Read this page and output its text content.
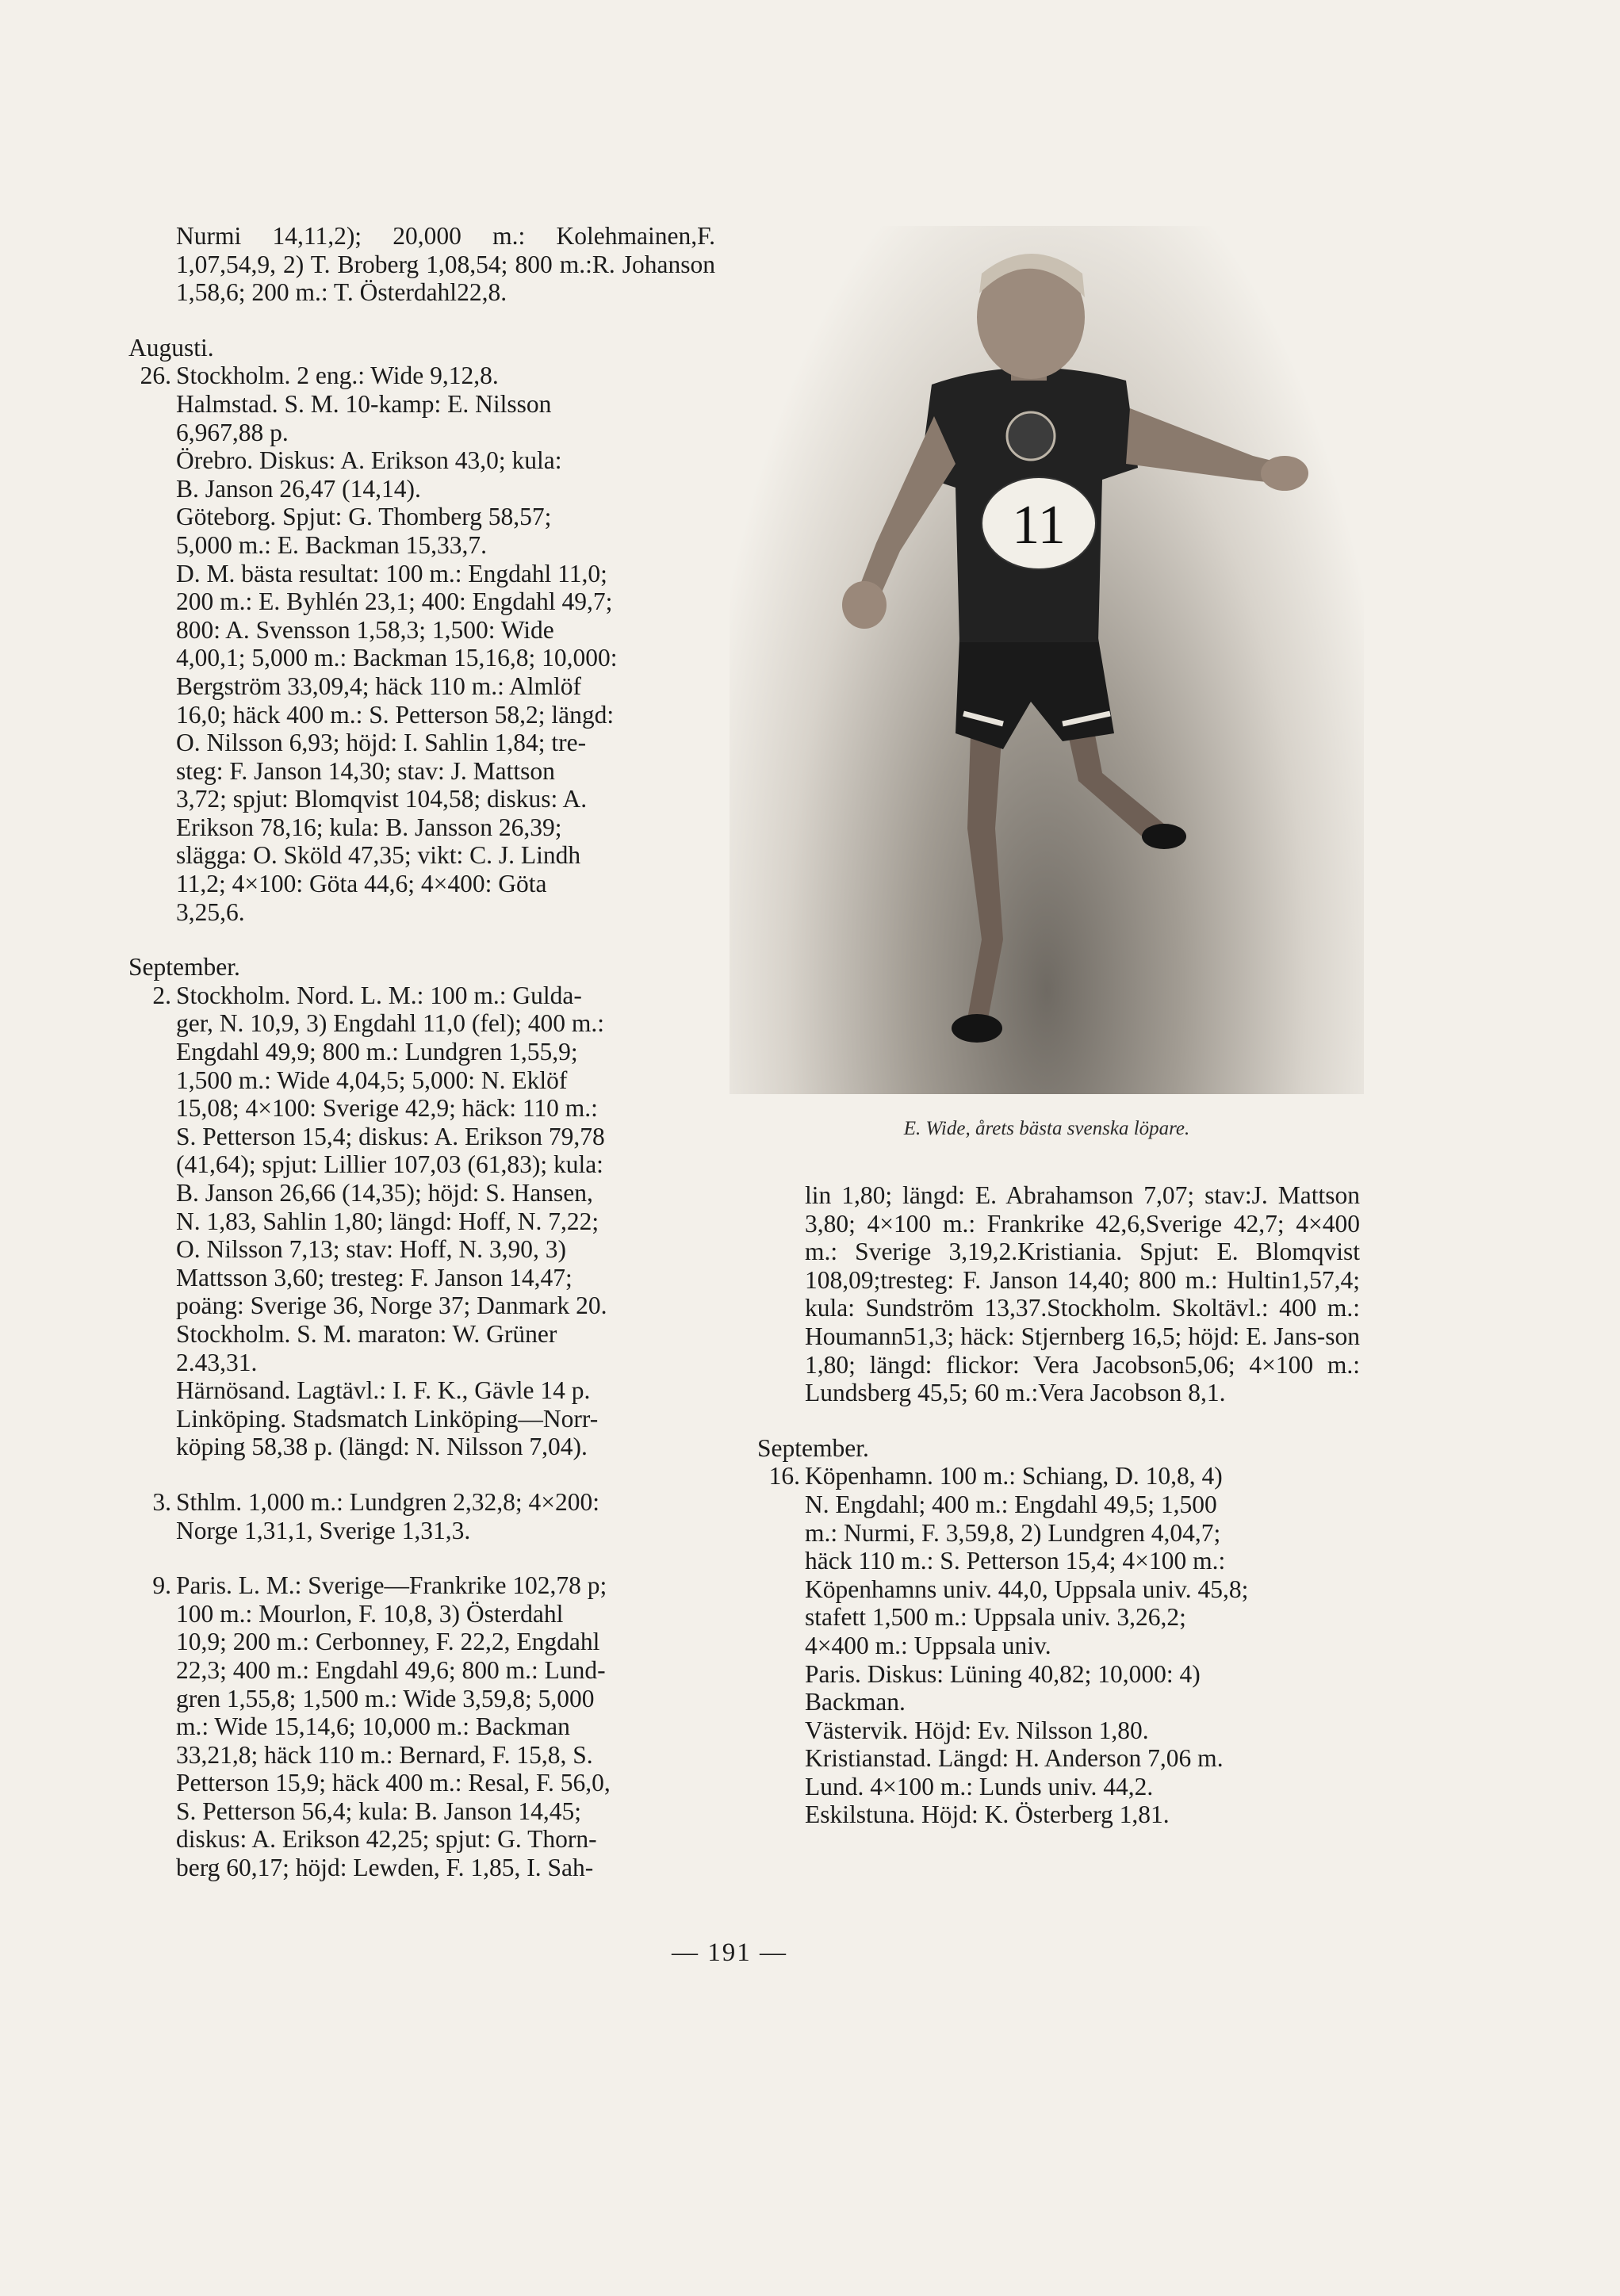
Nurmi 14,11,2); 20,000 m.: Kolehmainen,F. 1,07,54,9, 2) T. Broberg 1,08,54; 800 m.:R. Johanson 1,58,6; 200 m.: T. Österdahl22,8.
Augusti.
26. Stockholm. 2 eng.: Wide 9,12,8.
Halmstad. S. M. 10-kamp: E. Nilsson
6,967,88 p.
Örebro. Diskus: A. Erikson 43,0; kula:
B. Janson 26,47 (14,14).
Göteborg. Spjut: G. Thomberg 58,57;
5,000 m.: E. Backman 15,33,7.
D. M. bästa resultat: 100 m.: Engdahl 11,0;
200 m.: E. Byhlén 23,1; 400: Engdahl 49,7;
800: A. Svensson 1,58,3; 1,500: Wide
4,00,1; 5,000 m.: Backman 15,16,8; 10,000:
Bergström 33,09,4; häck 110 m.: Almlöf
16,0; häck 400 m.: S. Petterson 58,2; längd:
O. Nilsson 6,93; höjd: I. Sahlin 1,84; tre-
steg: F. Janson 14,30; stav: J. Mattson
3,72; spjut: Blomqvist 104,58; diskus: A.
Erikson 78,16; kula: B. Jansson 26,39;
slägga: O. Sköld 47,35; vikt: C. J. Lindh
11,2; 4×100: Göta 44,6; 4×400: Göta
3,25,6.
September.
2. Stockholm. Nord. L. M.: 100 m.: Gulda-
ger, N. 10,9, 3) Engdahl 11,0 (fel); 400 m.:
Engdahl 49,9; 800 m.: Lundgren 1,55,9;
1,500 m.: Wide 4,04,5; 5,000: N. Eklöf
15,08; 4×100: Sverige 42,9; häck: 110 m.:
S. Petterson 15,4; diskus: A. Erikson 79,78
(41,64); spjut: Lillier 107,03 (61,83); kula:
B. Janson 26,66 (14,35); höjd: S. Hansen,
N. 1,83, Sahlin 1,80; längd: Hoff, N. 7,22;
O. Nilsson 7,13; stav: Hoff, N. 3,90, 3)
Mattsson 3,60; tresteg: F. Janson 14,47;
poäng: Sverige 36, Norge 37; Danmark 20.
Stockholm. S. M. maraton: W. Grüner
2.43,31.
Härnösand. Lagtävl.: I. F. K., Gävle 14 p.
Linköping. Stadsmatch Linköping—Norr-
köping 58,38 p. (längd: N. Nilsson 7,04).
3. Sthlm. 1,000 m.: Lundgren 2,32,8; 4×200:
Norge 1,31,1, Sverige 1,31,3.
9. Paris. L. M.: Sverige—Frankrike 102,78 p;
100 m.: Mourlon, F. 10,8, 3) Österdahl
10,9; 200 m.: Cerbonney, F. 22,2, Engdahl
22,3; 400 m.: Engdahl 49,6; 800 m.: Lund-
gren 1,55,8; 1,500 m.: Wide 3,59,8; 5,000
m.: Wide 15,14,6; 10,000 m.: Backman
33,21,8; häck 110 m.: Bernard, F. 15,8, S.
Petterson 15,9; häck 400 m.: Resal, F. 56,0,
S. Petterson 56,4; kula: B. Janson 14,45;
diskus: A. Erikson 42,25; spjut: G. Thorn-
berg 60,17; höjd: Lewden, F. 1,85, I. Sah-
11
E. Wide, årets bästa svenska löpare.
lin 1,80; längd: E. Abrahamson 7,07; stav:J. Mattson 3,80; 4×100 m.: Frankrike 42,6,Sverige 42,7; 4×400 m.: Sverige 3,19,2.Kristiania. Spjut: E. Blomqvist 108,09;tresteg: F. Janson 14,40; 800 m.: Hultin1,57,4; kula: Sundström 13,37.Stockholm. Skoltävl.: 400 m.: Houmann51,3; häck: Stjernberg 16,5; höjd: E. Jans-son 1,80; längd: flickor: Vera Jacobson5,06; 4×100 m.: Lundsberg 45,5; 60 m.:Vera Jacobson 8,1.
September.
16. Köpenhamn. 100 m.: Schiang, D. 10,8, 4)
N. Engdahl; 400 m.: Engdahl 49,5; 1,500
m.: Nurmi, F. 3,59,8, 2) Lundgren 4,04,7;
häck 110 m.: S. Petterson 15,4; 4×100 m.:
Köpenhamns univ. 44,0, Uppsala univ. 45,8;
stafett 1,500 m.: Uppsala univ. 3,26,2;
4×400 m.: Uppsala univ.
Paris. Diskus: Lüning 40,82; 10,000: 4)
Backman.
Västervik. Höjd: Ev. Nilsson 1,80.
Kristianstad. Längd: H. Anderson 7,06 m.
Lund. 4×100 m.: Lunds univ. 44,2.
Eskilstuna. Höjd: K. Österberg 1,81.
— 191 —
